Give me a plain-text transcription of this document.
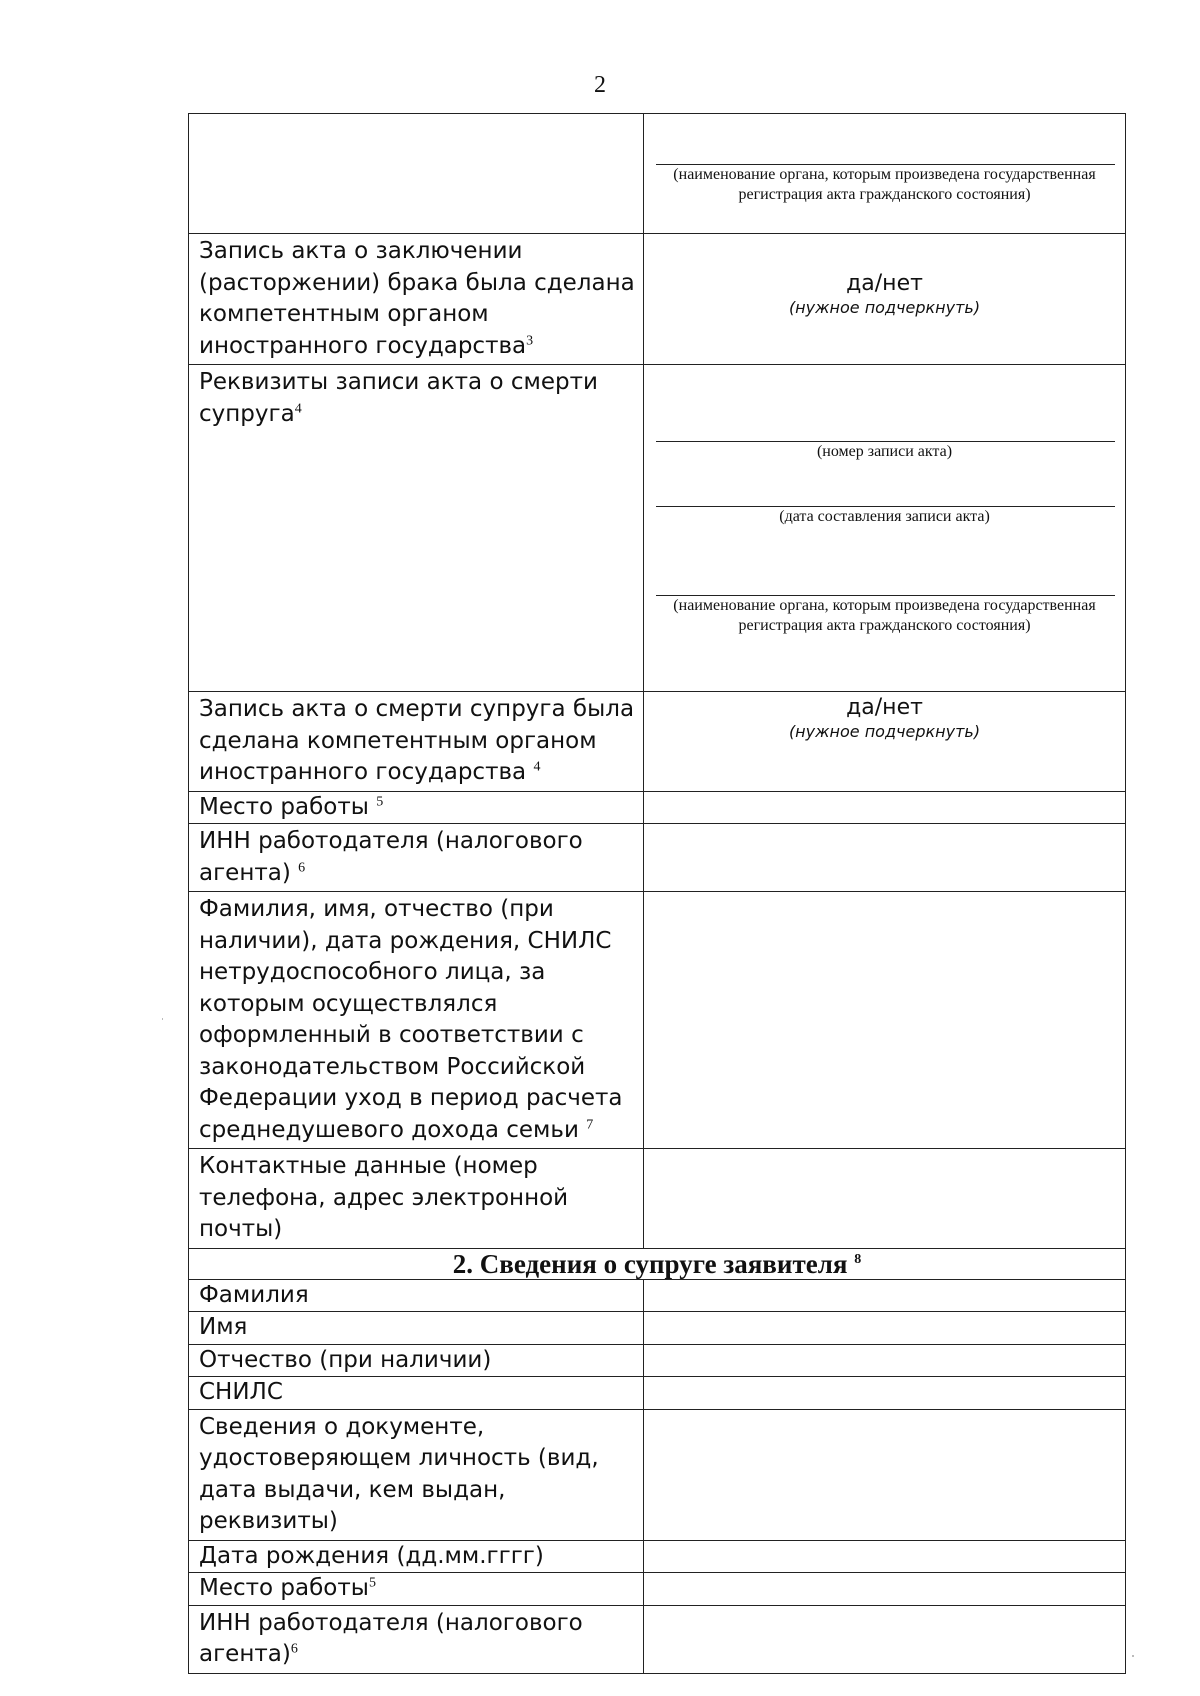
2

	(наименование органа, которым произведена государственная регистрация акта гражданского состояния)

Запись акта о заключении (расторжении) брака была сделана компетентным органом иностранного государства$^3$	да/нет
(нужное подчеркнуть)

Реквизиты записи акта о смерти супруга$^4$	(номер записи акта)
(дата составления записи акта)
(наименование органа, которым произведена государственная регистрация акта гражданского состояния)

Запись акта о смерти супруга была сделана компетентным органом иностранного государства $^4$	да/нет
(нужное подчеркнуть)

Место работы $^5$	
ИНН работодателя (налогового агента) $^6$	
Фамилия, имя, отчество (при наличии), дата рождения, СНИЛС нетрудоспособного лица, за которым осуществлялся оформленный в соответствии с законодательством Российской Федерации уход в период расчета среднедушевого дохода семьи $^7$	
Контактные данные (номер телефона, адрес электронной почты)	
2. Сведения о супруге заявителя $^8$
Фамилия	
Имя	
Отчество (при наличии)	
СНИЛС	
Сведения о документе, удостоверяющем личность (вид, дата выдачи, кем выдан, реквизиты)	
Дата рождения (дд.мм.гггг)	
Место работы$^5$	
ИНН работодателя (налогового агента)$^6$	
